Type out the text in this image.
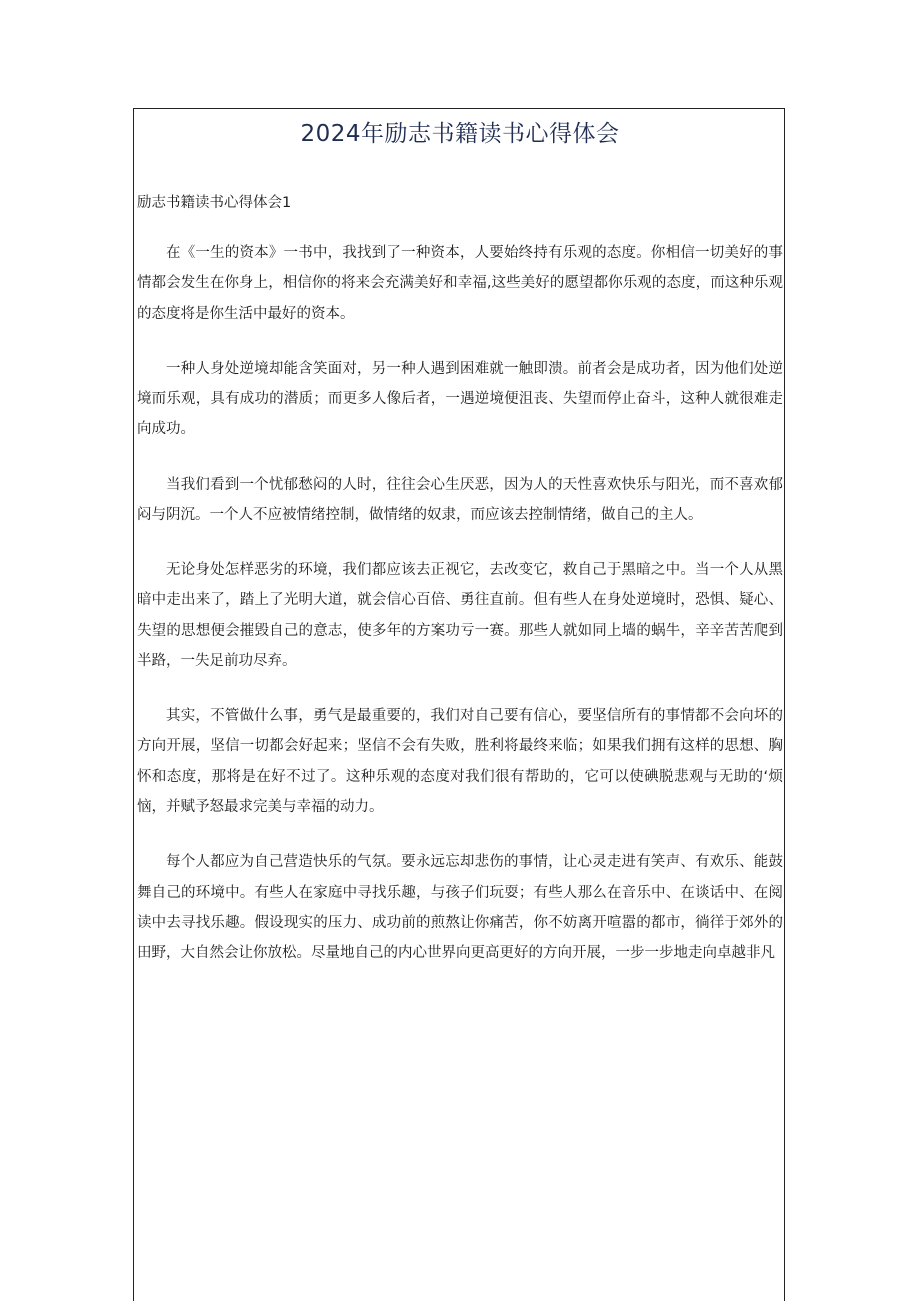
2024年励志书籍读书心得体会
励志书籍读书心得体会1

在《一生的资本》一书中，我找到了一种资本，人要始终持有乐观的态度。你相信一切美好的事情都会发生在你身上，相信你的将来会充满美好和幸福,这些美好的愿望都你乐观的态度，而这种乐观的态度将是你生活中最好的资本。

一种人身处逆境却能含笑面对，另一种人遇到困难就一触即溃。前者会是成功者，因为他们处逆境而乐观，具有成功的潜质；而更多人像后者，一遇逆境便沮丧、失望而停止奋斗，这种人就很难走向成功。

当我们看到一个忧郁愁闷的人时，往往会心生厌恶，因为人的天性喜欢快乐与阳光，而不喜欢郁闷与阴沉。一个人不应被情绪控制，做情绪的奴隶，而应该去控制情绪，做自己的主人。

无论身处怎样恶劣的环境，我们都应该去正视它，去改变它，救自己于黑暗之中。当一个人从黑暗中走出来了，踏上了光明大道，就会信心百倍、勇往直前。但有些人在身处逆境时，恐惧、疑心、失望的思想便会摧毁自己的意志，使多年的方案功亏一赛。那些人就如同上墙的蜗牛，辛辛苦苦爬到半路，一失足前功尽弃。

其实，不管做什么事，勇气是最重要的，我们对自己要有信心，要坚信所有的事情都不会向坏的方向开展，坚信一切都会好起来；坚信不会有失败，胜利将最终来临；如果我们拥有这样的思想、胸怀和态度，那将是在好不过了。这种乐观的态度对我们很有帮助的，它可以使碘脱悲观与无助的‘烦恼，并赋予怒最求完美与幸福的动力。

每个人都应为自己营造快乐的气氛。要永远忘却悲伤的事情，让心灵走进有笑声、有欢乐、能鼓舞自己的环境中。有些人在家庭中寻找乐趣，与孩子们玩耍；有些人那么在音乐中、在谈话中、在阅读中去寻找乐趣。假设现实的压力、成功前的煎熬让你痛苦，你不妨离开喧嚣的都市，徜徉于郊外的田野，大自然会让你放松。尽量地自己的内心世界向更高更好的方向开展，一步一步地走向卓越非凡
